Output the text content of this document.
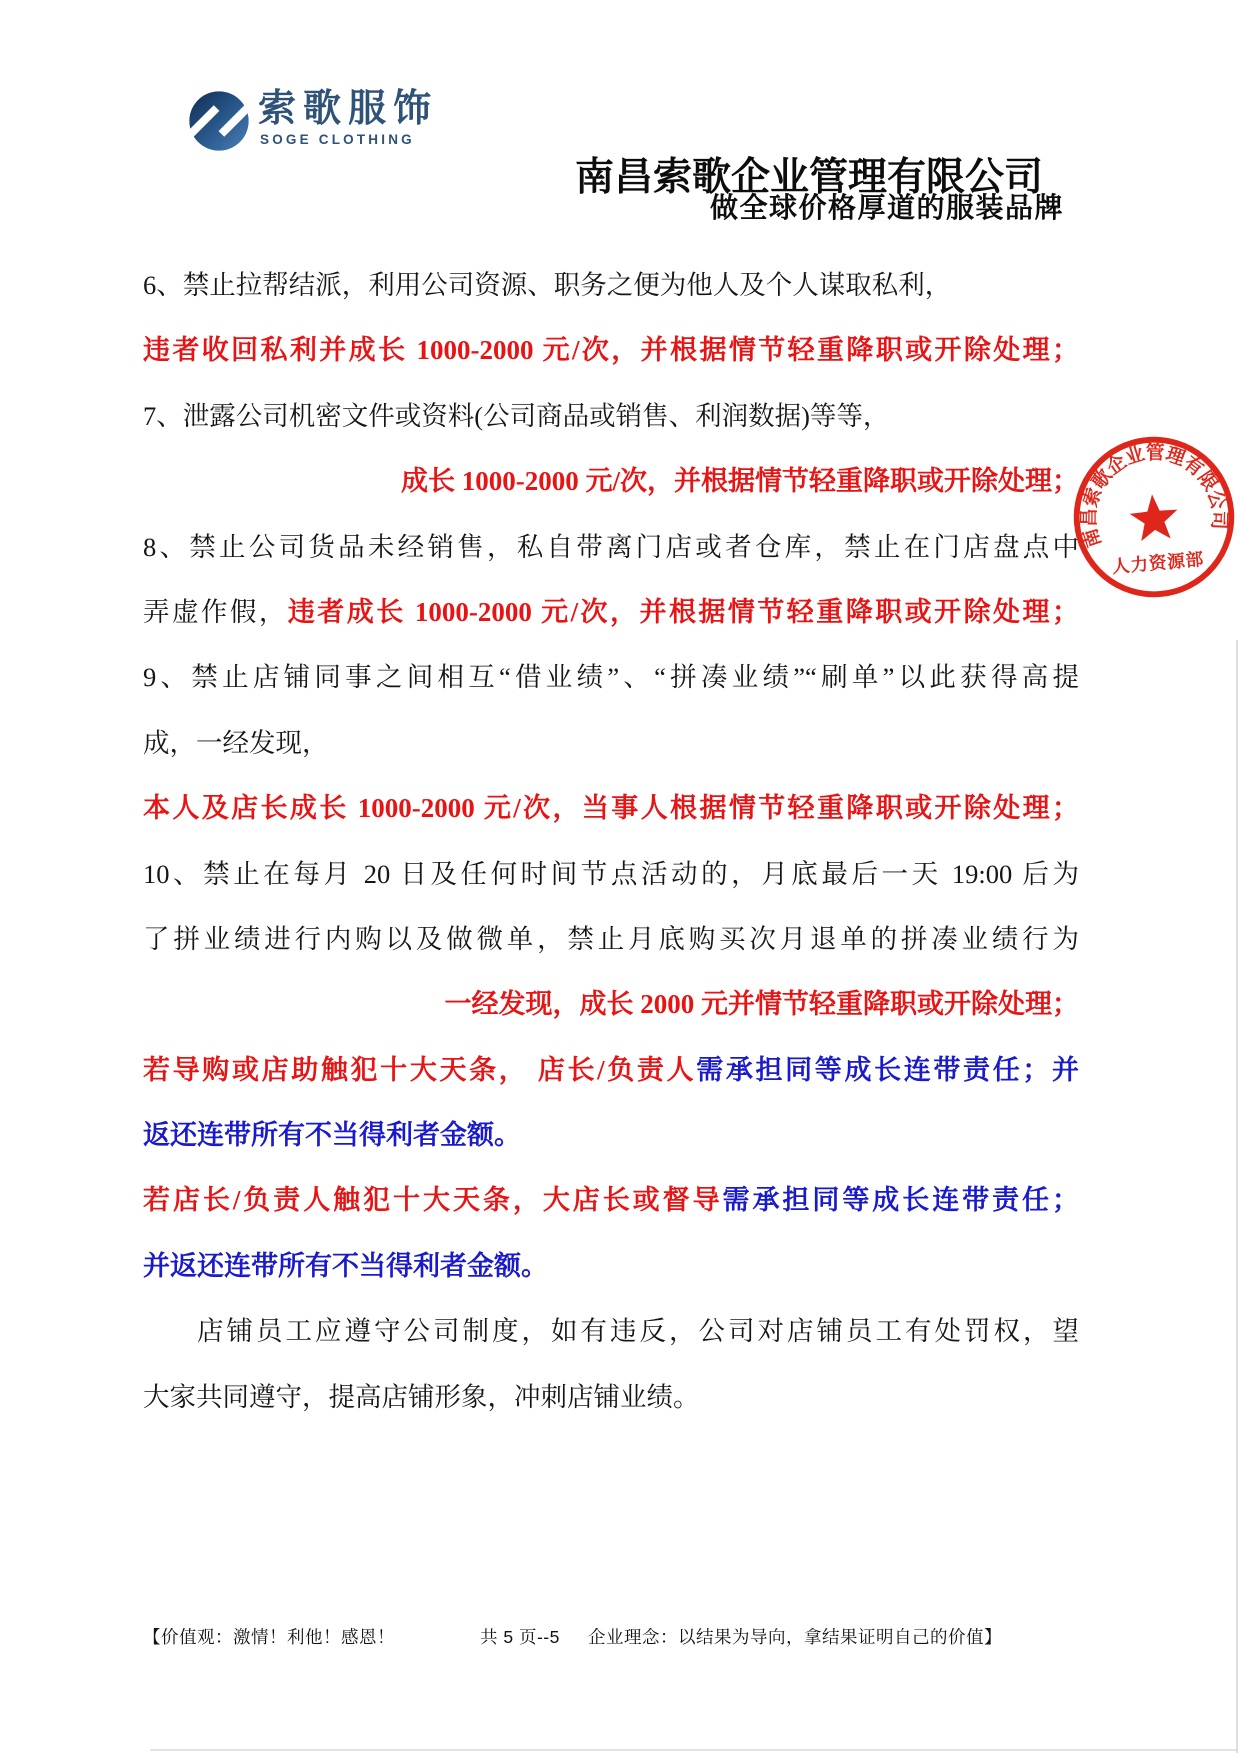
索歌服饰
SOGE CLOTHING
南昌索歌企业管理有限公司
做全球价格厚道的服装品牌

6、禁止拉帮结派，利用公司资源、职务之便为他人及个人谋取私利，

违者收回私利并成长 1000-2000 元/次，并根据情节轻重降职或开除处理；

7、泄露公司机密文件或资料(公司商品或销售、利润数据)等等，

成长 1000-2000 元/次，并根据情节轻重降职或开除处理；

8、禁止公司货品未经销售，私自带离门店或者仓库，禁止在门店盘点中

弄虚作假，违者成长 1000-2000 元/次，并根据情节轻重降职或开除处理；

9、禁止店铺同事之间相互“借业绩”、“拼凑业绩”“刷单”以此获得高提

成，一经发现，

本人及店长成长 1000-2000 元/次，当事人根据情节轻重降职或开除处理；

10、禁止在每月 20 日及任何时间节点活动的，月底最后一天 19:00 后为

了拼业绩进行内购以及做微单，禁止月底购买次月退单的拼凑业绩行为

一经发现，成长 2000 元并情节轻重降职或开除处理；

若导购或店助触犯十大天条， 店长/负责人需承担同等成长连带责任；并

返还连带所有不当得利者金额。

若店长/负责人触犯十大天条，大店长或督导需承担同等成长连带责任；

并返还连带所有不当得利者金额。

店铺员工应遵守公司制度，如有违反，公司对店铺员工有处罚权，望

大家共同遵守，提高店铺形象，冲刺店铺业绩。

南昌索歌企业管理有限公司
人力资源部
【价值观：激情！利他！感恩！	共 5 页--5 企业理念：以结果为导向，拿结果证明自己的价值】
